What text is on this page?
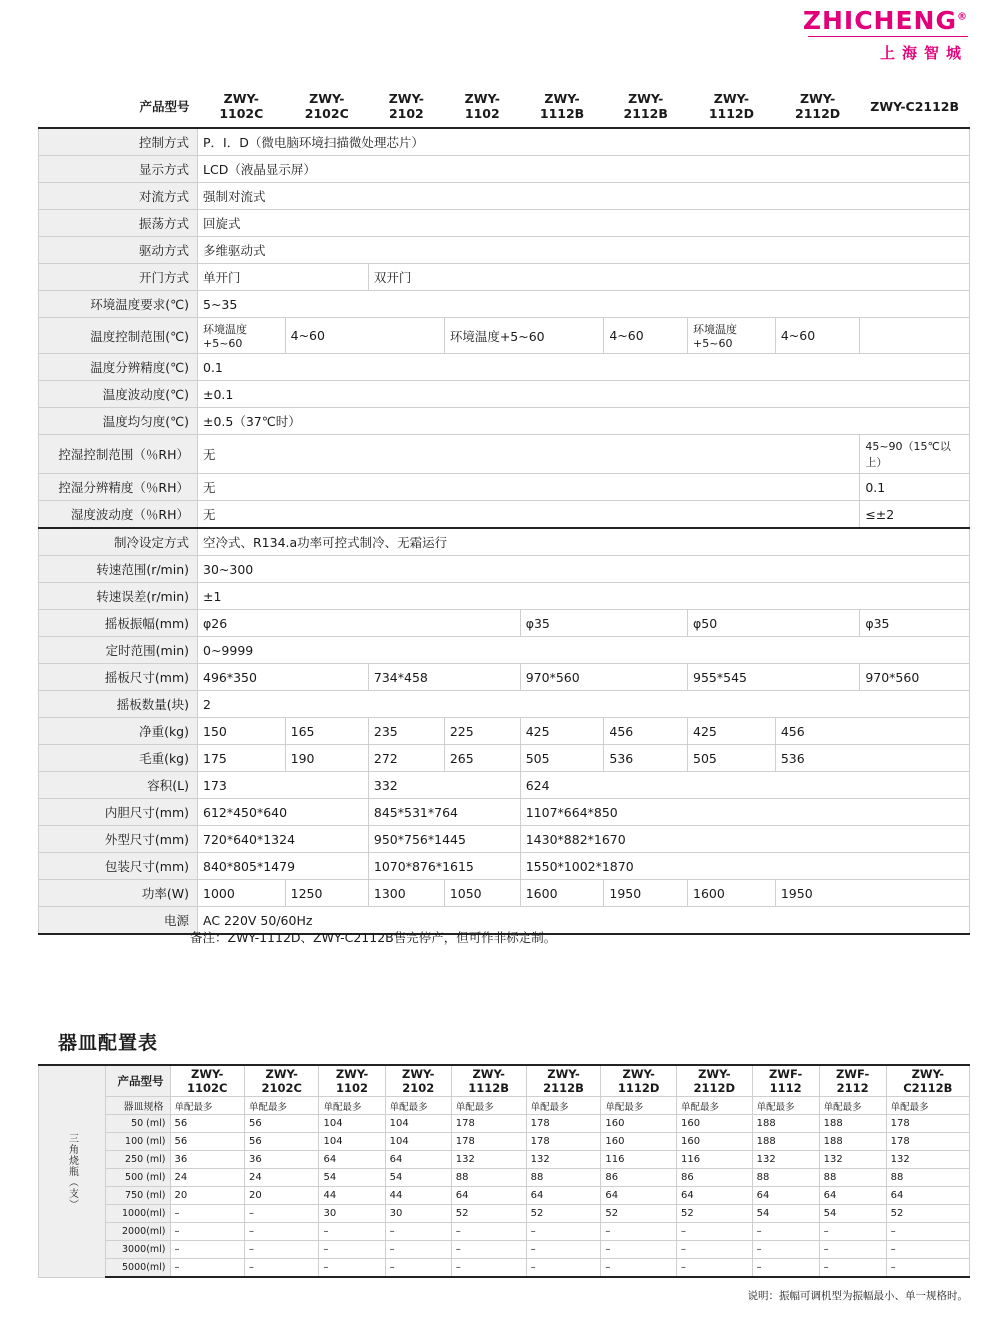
ZHICHENG®
上海智城
产品型号	ZWY-1102C	ZWY-2102C	ZWY-2102	ZWY-1102	ZWY-1112B	ZWY-2112B	ZWY-1112D	ZWY-2112D	ZWY-C2112B
控制方式	P．I．D（微电脑环境扫描微处理芯片）								
显示方式	LCD（液晶显示屏）								
对流方式	强制对流式								
振荡方式	回旋式								
驱动方式	多维驱动式								
开门方式	单开门		双开门						
环境温度要求(℃)	5~35								
温度控制范围(℃)	环境温度+5~60	4~60		环境温度+5~60		4~60	环境温度+5~60	4~60	
温度分辨精度(℃)	0.1								
温度波动度(℃)	±0.1								
温度均匀度(℃)	±0.5（37℃时）								
控湿控制范围（％RH）	无								45~90（15℃以上）
控湿分辨精度（％RH）	无								0.1
湿度波动度（％RH）	无								≤±2
制冷设定方式	空冷式、R134.a功率可控式制冷、无霜运行								
转速范围(r/min)	30~300								
转速误差(r/min)	±1								
摇板振幅(mm)	φ26				φ35		φ50		φ35
定时范围(min)	0~9999								
摇板尺寸(mm)	496*350		734*458		970*560		955*545		970*560
摇板数量(块)	2								
净重(kg)	150	165	235	225	425	456	425	456	
毛重(kg)	175	190	272	265	505	536	505	536	
容积(L)	173		332		624				
内胆尺寸(mm)	612*450*640		845*531*764		1107*664*850				
外型尺寸(mm)	720*640*1324		950*756*1445		1430*882*1670				
包装尺寸(mm)	840*805*1479		1070*876*1615		1550*1002*1870				
功率(W)	1000	1250	1300	1050	1600	1950	1600	1950	
电源	AC 220V 50/60Hz								
备注：ZWY-1112D、ZWY-C2112B售完停产，但可作非标定制。
器皿配置表
三角烧瓶（支）	产品型号	ZWY-1102C	ZWY-2102C	ZWY-1102	ZWY-2102	ZWY-1112B	ZWY-2112B	ZWY-1112D	ZWY-2112D	ZWF-1112	ZWF-2112	ZWY-C2112B
	器皿规格	单配最多	单配最多	单配最多	单配最多	单配最多	单配最多	单配最多	单配最多	单配最多	单配最多	单配最多
	50 (ml)	56	56	104	104	178	178	160	160	188	188	178
	100 (ml)	56	56	104	104	178	178	160	160	188	188	178
	250 (ml)	36	36	64	64	132	132	116	116	132	132	132
	500 (ml)	24	24	54	54	88	88	86	86	88	88	88
	750 (ml)	20	20	44	44	64	64	64	64	64	64	64
	1000(ml)	–	–	30	30	52	52	52	52	54	54	52
	2000(ml)	–	–	–	–	–	–	–	–	–	–	–
	3000(ml)	–	–	–	–	–	–	–	–	–	–	–
	5000(ml)	–	–	–	–	–	–	–	–	–	–	–
说明：振幅可调机型为振幅最小、单一规格时。
